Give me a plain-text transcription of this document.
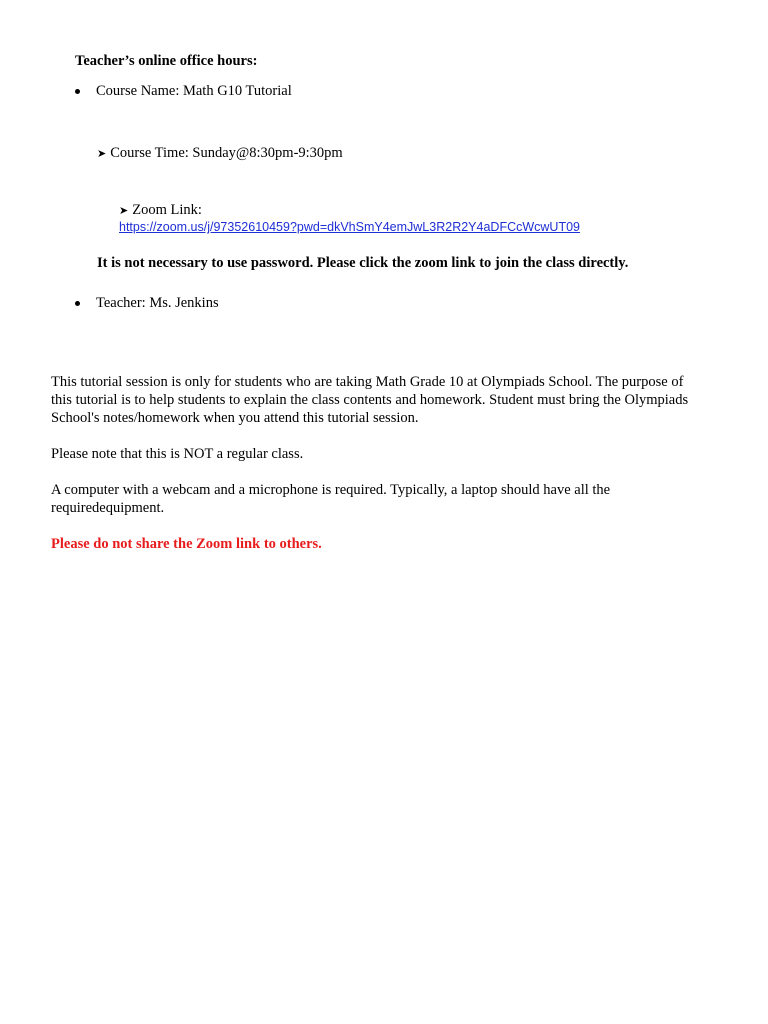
Teacher’s online office hours:
Course Name: Math G10 Tutorial
➤ Course Time: Sunday@8:30pm-9:30pm
➤ Zoom Link:
https://zoom.us/j/97352610459?pwd=dkVhSmY4emJwL3R2R2Y4aDFCcWcwUT09
It is not necessary to use password. Please click the zoom link to join the class directly.
Teacher: Ms. Jenkins
This tutorial session is only for students who are taking Math Grade 10 at Olympiads School. The purpose of
this tutorial is to help students to explain the class contents and homework. Student must bring the Olympiads
School's notes/homework when you attend this tutorial session.
Please note that this is NOT a regular class.
A computer with a webcam and a microphone is required. Typically, a laptop should have all the
requiredequipment.
Please do not share the Zoom link to others.
